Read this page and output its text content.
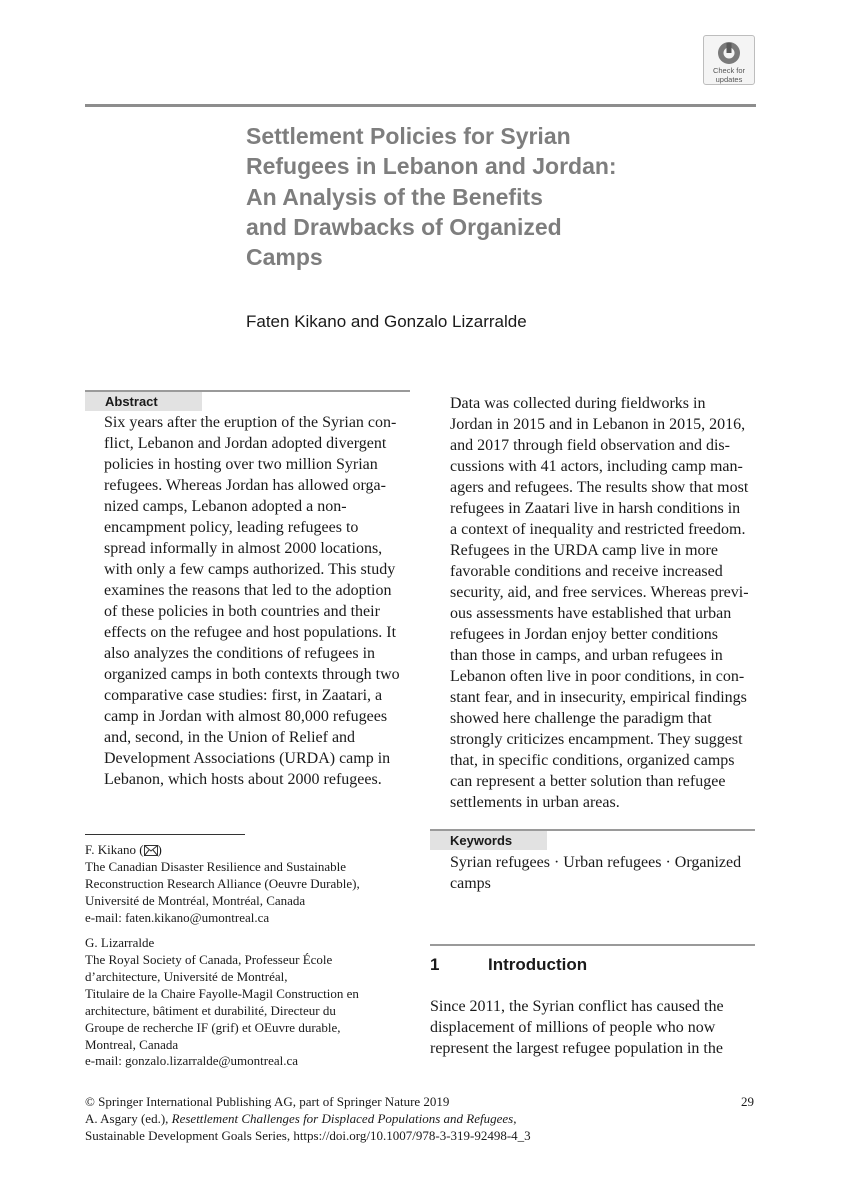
Check for
updates
Settlement Policies for Syrian
Refugees in Lebanon and Jordan:
An Analysis of the Benefits
and Drawbacks of Organized
Camps
Faten Kikano and Gonzalo Lizarralde
Abstract
Six years after the eruption of the Syrian con-
flict, Lebanon and Jordan adopted divergent
policies in hosting over two million Syrian
refugees. Whereas Jordan has allowed orga-
nized camps, Lebanon adopted a non-
encampment policy, leading refugees to
spread informally in almost 2000 locations,
with only a few camps authorized. This study
examines the reasons that led to the adoption
of these policies in both countries and their
effects on the refugee and host populations. It
also analyzes the conditions of refugees in
organized camps in both contexts through two
comparative case studies: first, in Zaatari, a
camp in Jordan with almost 80,000 refugees
and, second, in the Union of Relief and
Development Associations (URDA) camp in
Lebanon, which hosts about 2000 refugees.
Data was collected during fieldworks in
Jordan in 2015 and in Lebanon in 2015, 2016,
and 2017 through field observation and dis-
cussions with 41 actors, including camp man-
agers and refugees. The results show that most
refugees in Zaatari live in harsh conditions in
a context of inequality and restricted freedom.
Refugees in the URDA camp live in more
favorable conditions and receive increased
security, aid, and free services. Whereas previ-
ous assessments have established that urban
refugees in Jordan enjoy better conditions
than those in camps, and urban refugees in
Lebanon often live in poor conditions, in con-
stant fear, and in insecurity, empirical findings
showed here challenge the paradigm that
strongly criticizes encampment. They suggest
that, in specific conditions, organized camps
can represent a better solution than refugee
settlements in urban areas.
Keywords
Syrian refugees · Urban refugees · Organized
camps
F. Kikano ( )
The Canadian Disaster Resilience and Sustainable
Reconstruction Research Alliance (Oeuvre Durable),
Université de Montréal, Montréal, Canada
e-mail: faten.kikano@umontreal.ca
G. Lizarralde
The Royal Society of Canada, Professeur École
d’architecture, Université de Montréal,
Titulaire de la Chaire Fayolle-Magil Construction en
architecture, bâtiment et durabilité, Directeur du
Groupe de recherche IF (grif) et OEuvre durable,
Montreal, Canada
e-mail: gonzalo.lizarralde@umontreal.ca
1	Introduction
Since 2011, the Syrian conflict has caused the
displacement of millions of people who now
represent the largest refugee population in the
© Springer International Publishing AG, part of Springer Nature 2019	29
A. Asgary (ed.), Resettlement Challenges for Displaced Populations and Refugees,
Sustainable Development Goals Series, https://doi.org/10.1007/978-3-319-92498-4_3
